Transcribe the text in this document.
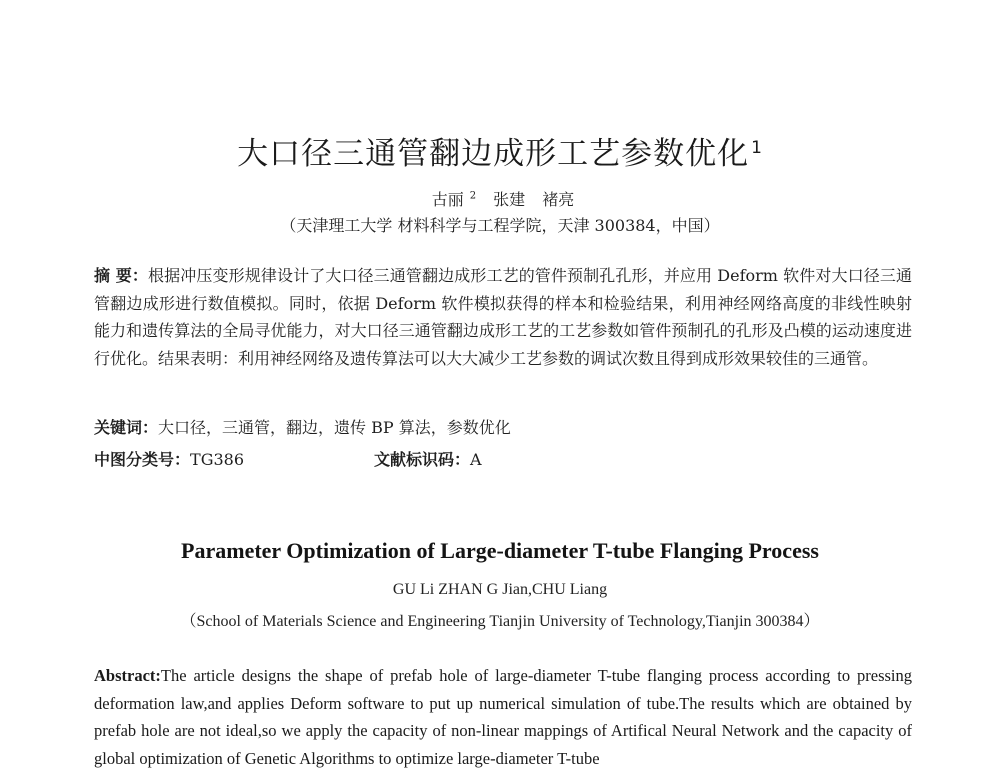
大口径三通管翻边成形工艺参数优化 $^1$
古丽 $^2$ 张建 褚亮
（天津理工大学 材料科学与工程学院，天津 300384，中国）
摘 要：根据冲压变形规律设计了大口径三通管翻边成形工艺的管件预制孔孔形，并应用 Deform 软件对大口径三通管翻边成形进行数值模拟。同时，依据 Deform 软件模拟获得的样本和检验结果，利用神经网络高度的非线性映射能力和遗传算法的全局寻优能力，对大口径三通管翻边成形工艺的工艺参数如管件预制孔的孔形及凸模的运动速度进行优化。结果表明：利用神经网络及遗传算法可以大大减少工艺参数的调试次数且得到成形效果较佳的三通管。
关键词：大口径，三通管，翻边，遗传 BP 算法，参数优化
中图分类号：TG386	文献标识码：A
Parameter Optimization of Large-diameter T-tube Flanging Process
GU Li ZHAN G Jian,CHU Liang
（School of Materials Science and Engineering Tianjin University of Technology,Tianjin 300384）
Abstract:The article designs the shape of prefab hole of large-diameter T-tube flanging process according to pressing deformation law,and applies Deform software to put up numerical simulation of tube.The results which are obtained by prefab hole are not ideal,so we apply the capacity of non-linear mappings of Artifical Neural Network and the capacity of global optimization of Genetic Algorithms to optimize large-diameter T-tube
